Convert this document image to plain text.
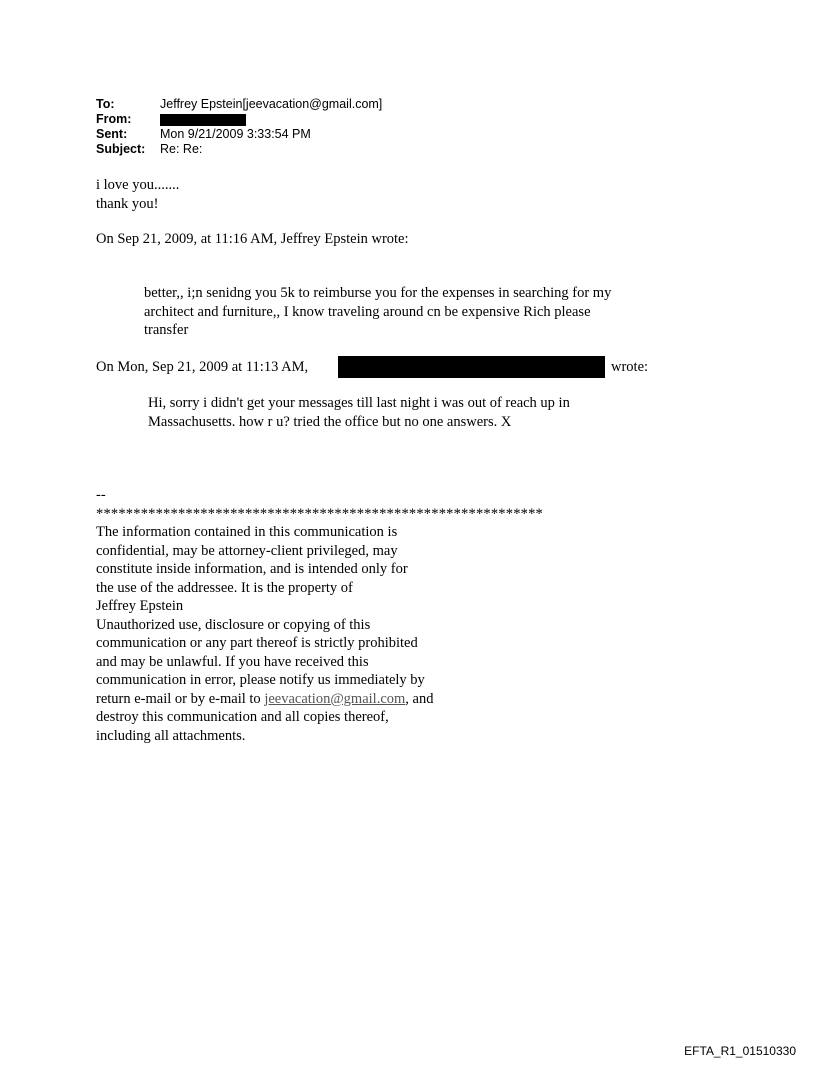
To:	Jeffrey Epstein[jeevacation@gmail.com]
From:
Sent:	Mon 9/21/2009 3:33:54 PM
Subject:	Re: Re:
i love you.......
thank you!
On Sep 21, 2009, at 11:16 AM, Jeffrey Epstein wrote:
better,, i;n senidng you 5k to reimburse you for the expenses in searching for my
architect and furniture,, I know traveling around cn be expensive Rich please
transfer
On Mon, Sep 21, 2009 at 11:13 AM,	wrote:
Hi, sorry i didn't get your messages till last night i was out of reach up in
Massachusetts. how r u? tried the office but no one answers. X
--
************************************************************
The information contained in this communication is
confidential, may be attorney-client privileged, may
constitute inside information, and is intended only for
the use of the addressee. It is the property of
Jeffrey Epstein
Unauthorized use, disclosure or copying of this
communication or any part thereof is strictly prohibited
and may be unlawful. If you have received this
communication in error, please notify us immediately by
return e-mail or by e-mail to jeevacation@gmail.com, and
destroy this communication and all copies thereof,
including all attachments.
EFTA_R1_01510330
